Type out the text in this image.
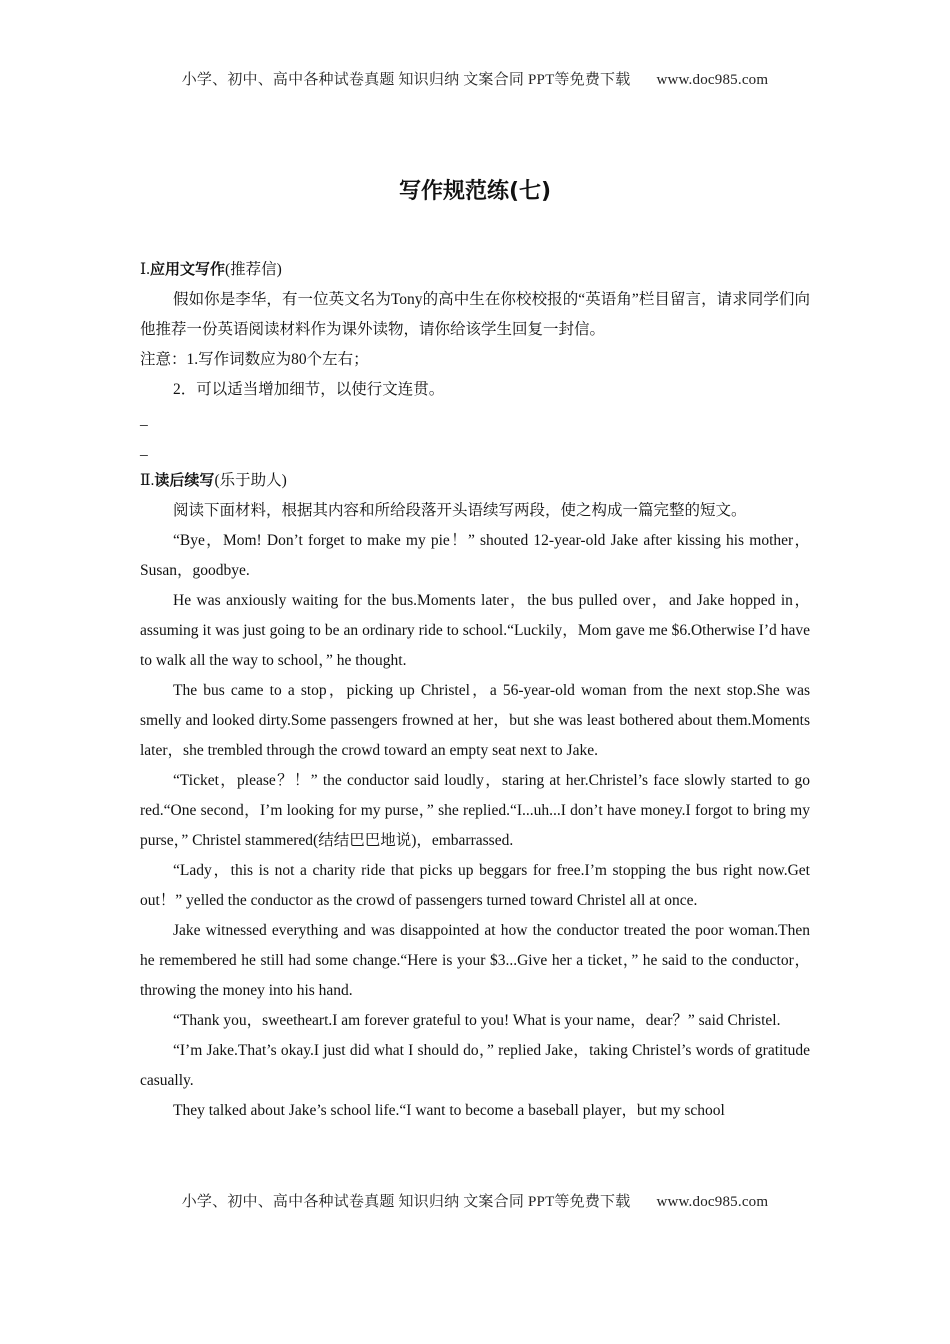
小学、初中、高中各种试卷真题 知识归纳 文案合同 PPT等免费下载 www.doc985.com
写作规范练(七)

Ⅰ.应用文写作(推荐信)

假如你是李华，有一位英文名为Tony的高中生在你校校报的“英语角”栏目留言，请求同学们向他推荐一份英语阅读材料作为课外读物，请你给该学生回复一封信。

注意：1.写作词数应为80个左右；

2．可以适当增加细节，以使行文连贯。

_

_

Ⅱ.读后续写(乐于助人)

阅读下面材料，根据其内容和所给段落开头语续写两段，使之构成一篇完整的短文。

“Bye，Mom! Don’t forget to make my pie！” shouted 12-year-old Jake after kissing his mother，Susan，goodbye.

He was anxiously waiting for the bus.Moments later，the bus pulled over，and Jake hopped in，assuming it was just going to be an ordinary ride to school.“Luckily，Mom gave me $6.Otherwise I’d have to walk all the way to school，” he thought.

The bus came to a stop，picking up Christel，a 56-year-old woman from the next stop.She was smelly and looked dirty.Some passengers frowned at her，but she was least bothered about them.Moments later，she trembled through the crowd toward an empty seat next to Jake.

“Ticket，please？！” the conductor said loudly，staring at her.Christel’s face slowly started to go red.“One second，I’m looking for my purse，” she replied.“I...uh...I don’t have money.I forgot to bring my purse，” Christel stammered(结结巴巴地说)，embarrassed.

“Lady，this is not a charity ride that picks up beggars for free.I’m stopping the bus right now.Get out！” yelled the conductor as the crowd of passengers turned toward Christel all at once.

Jake witnessed everything and was disappointed at how the conductor treated the poor woman.Then he remembered he still had some change.“Here is your $3...Give her a ticket，” he said to the conductor，throwing the money into his hand.

“Thank you，sweetheart.I am forever grateful to you! What is your name，dear？” said Christel.

“I’m Jake.That’s okay.I just did what I should do，” replied Jake，taking Christel’s words of gratitude casually.

They talked about Jake’s school life.“I want to become a baseball player，but my school

小学、初中、高中各种试卷真题 知识归纳 文案合同 PPT等免费下载 www.doc985.com
